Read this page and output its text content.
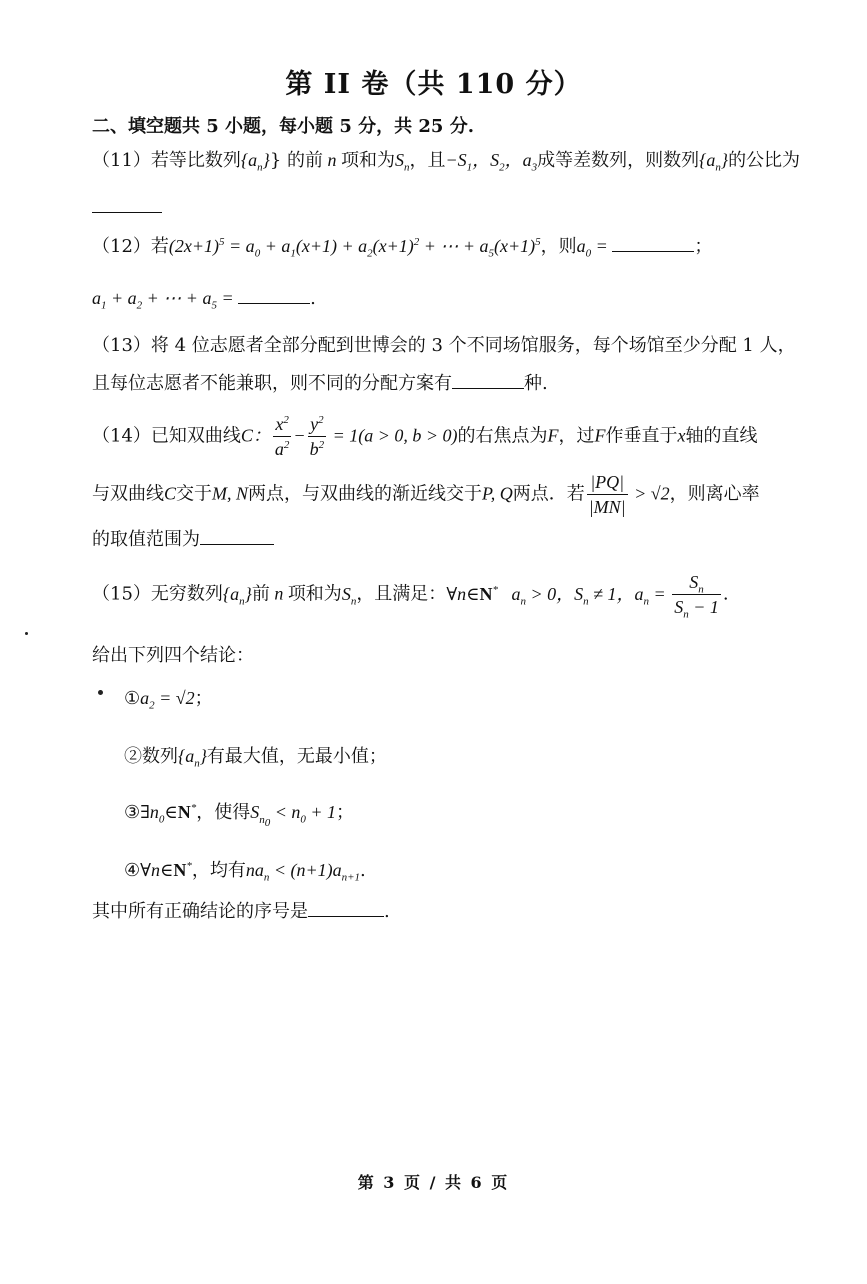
第 II 卷（共 110 分）
二、填空题共 5 小题，每小题 5 分，共 25 分.
（11）若等比数列$\{a_n\}$} 的前 n 项和为$S_n$，且$-S_1$，$S_2$，$a_3$成等差数列，则数列$\{a_n\}$的公比为
（12）若$(2x+1)^5 = a_0 + a_1(x+1) + a_2(x+1)^2$ + ⋯ + $a_5(x+1)^5$，则$a_0$ =	；
$a_1 + a_2$ + ⋯ + $a_5$ =	.
（13）将 4 位志愿者全部分配到世博会的 3 个不同场馆服务，每个场馆至少分配 1 人，
且每位志愿者不能兼职，则不同的分配方案有	种.
（14）已知双曲线C： $\frac{x^2}{a^2} - \frac{y^2}{b^2} = 1(a > 0$, b > 0)的右焦点为F，过F作垂直于x轴的直线
与双曲线C交于M, N两点，与双曲线的渐近线交于P, Q两点．若 $\frac{|PQ|}{|MN|} > √2$，则离心率
的取值范围为
（15）无穷数列$\{a_n\}$前 n 项和为$S_n$，且满足：∀n∈N*   $a_n > 0$，$S_n \ne 1$，$a_n = \frac{S_n}{S_n - 1}$ .
给出下列四个结论：
$①a_2 = √2$；
②数列$\{a_n\}$有最大值，无最小值；
$③\exists n_0\in N^*$，使得$S_{n_0} < n_0 + 1$；
④∀n∈N*，均有$na_n < (n+1)a_{n+1}$.
其中所有正确结论的序号是	.
第 3 页 / 共 6 页
